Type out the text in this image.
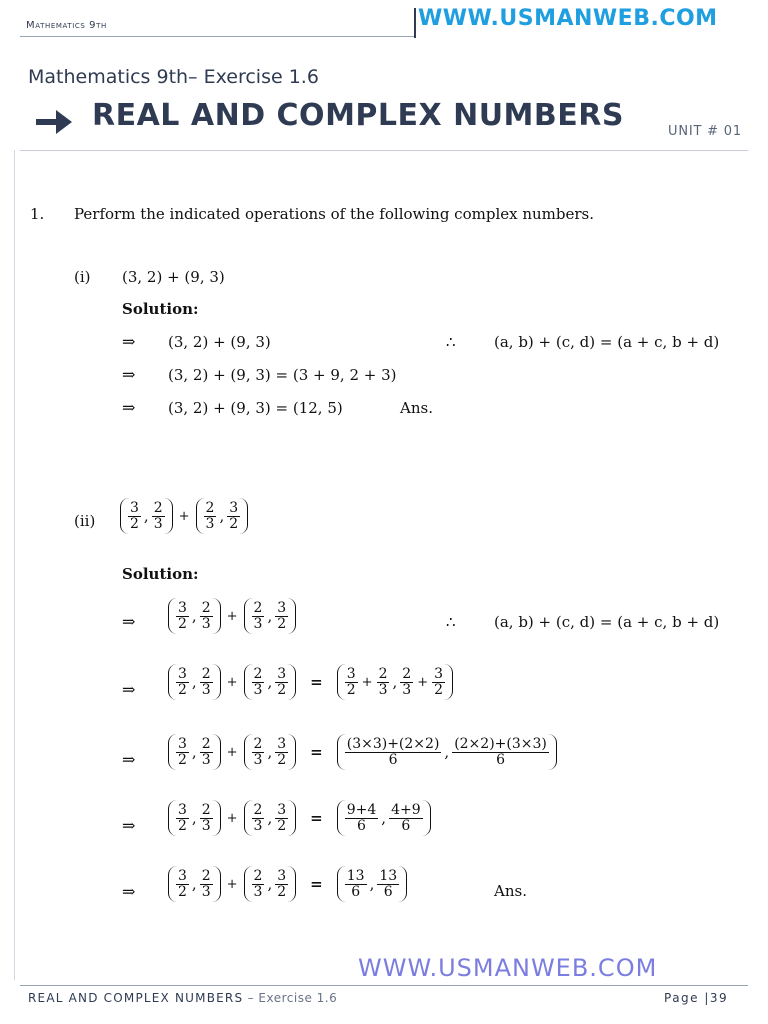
Mathematics 9th	WWW.USMANWEB.COM
Mathematics 9th– Exercise 1.6
REAL AND COMPLEX NUMBERS	UNIT # 01
1. Perform the indicated operations of the following complex numbers.
(i) (3, 2) + (9, 3)
Solution:
⇒ (3, 2) + (9, 3)	∴	(a, b) + (c, d) = (a + c, b + d)
⇒ (3, 2) + (9, 3) = (3 + 9, 2 + 3)
⇒ (3, 2) + (9, 3) = (12, 5)	Ans.
$(ii) \frac{3}{2}$ , $\frac{2}{3} + \frac{2}{3}$ , $\frac{3}{2}$
Solution:
⇒	$\frac{3}{2}$ , $\frac{2}{3} + \frac{2}{3}$ , $\frac{3}{2}$	∴	(a, b) + (c, d) = (a + c, b + d)
⇒	$\frac{3}{2}$ , $\frac{2}{3} + \frac{2}{3}$ , $\frac{3}{2} = \frac{3}{2} + \frac{2}{3}$ , $\frac{2}{3} + \frac{3}{2}$
⇒	$\frac{3}{2}$ , $\frac{2}{3} + \frac{2}{3}$ , $\frac{3}{2} = \frac{(3\times 3)+(2\times 2)}{6}$ , $\frac{(2\times 2)+(3\times 3)}{6}$
⇒	$\frac{3}{2}$ , $\frac{2}{3} + \frac{2}{3}$ , $\frac{3}{2} = \frac{9+4}{6}$ , $\frac{4+9}{6}$
⇒	$\frac{3}{2}$ , $\frac{2}{3} + \frac{2}{3}$ , $\frac{3}{2} = \frac{13}{6}$ , $\frac{13}{6}$	Ans.
WWW.USMANWEB.COM
REAL AND COMPLEX NUMBERS – Exercise 1.6	Page |39
